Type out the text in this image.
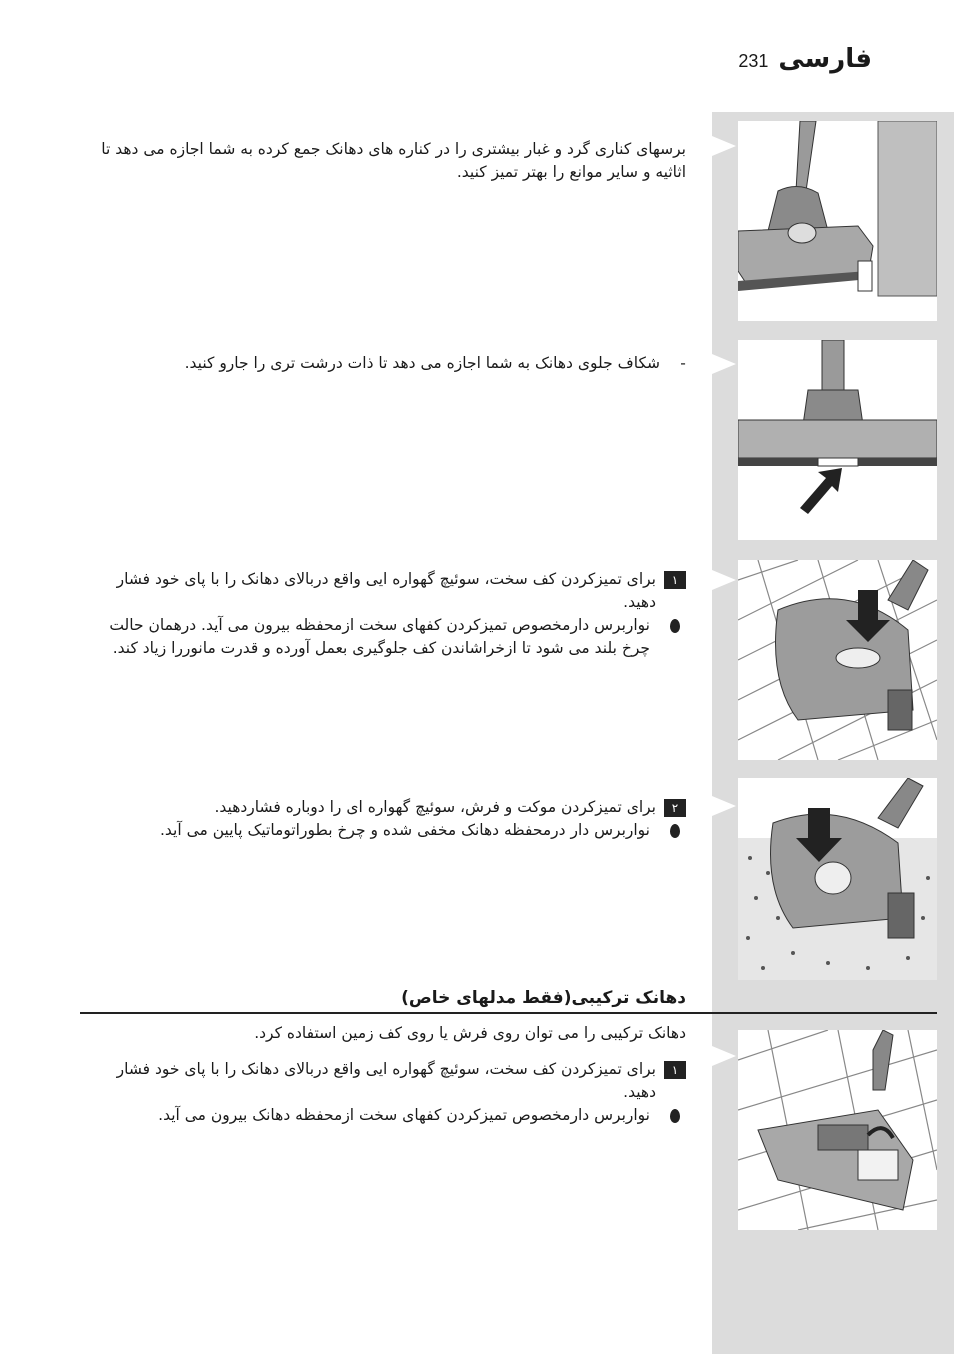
فارسی
231
برسهای کناری گرد و غبار بیشتری را در کناره های دهانک جمع کرده به شما اجازه می دهد تا اثاثیه و سایر موانع را بهتر تمیز کنید.
-
شکاف جلوی دهانک به شما اجازه می دهد تا ذات درشت تری را جارو کنید.
۱
برای تمیزکردن کف سخت، سوئیچ گهواره ایی واقع دربالای دهانک را با پای خود فشار دهید.
نواربرس دارمخصوص تمیزکردن کفهای سخت ازمحفظه بیرون می آید. درهمان حالت چرخ بلند می شود تا ازخراشاندن کف جلوگیری بعمل آورده و قدرت مانوررا زیاد کند.
۲
برای تمیزکردن موکت و فرش، سوئیچ گهواره ای را دوباره فشاردهید.
نواربرس دار درمحفظه دهانک مخفی شده و چرخ بطوراتوماتیک پایین می آید.
دهانک ترکیبی(فقط مدلهای خاص)
دهانک ترکیبی را می توان روی فرش یا روی کف زمین استفاده کرد.
۱
برای تمیزکردن کف سخت، سوئیچ گهواره ایی واقع دربالای دهانک را با پای خود فشار دهید.
نواربرس دارمخصوص تمیزکردن کفهای سخت ازمحفظه دهانک بیرون می آید.
